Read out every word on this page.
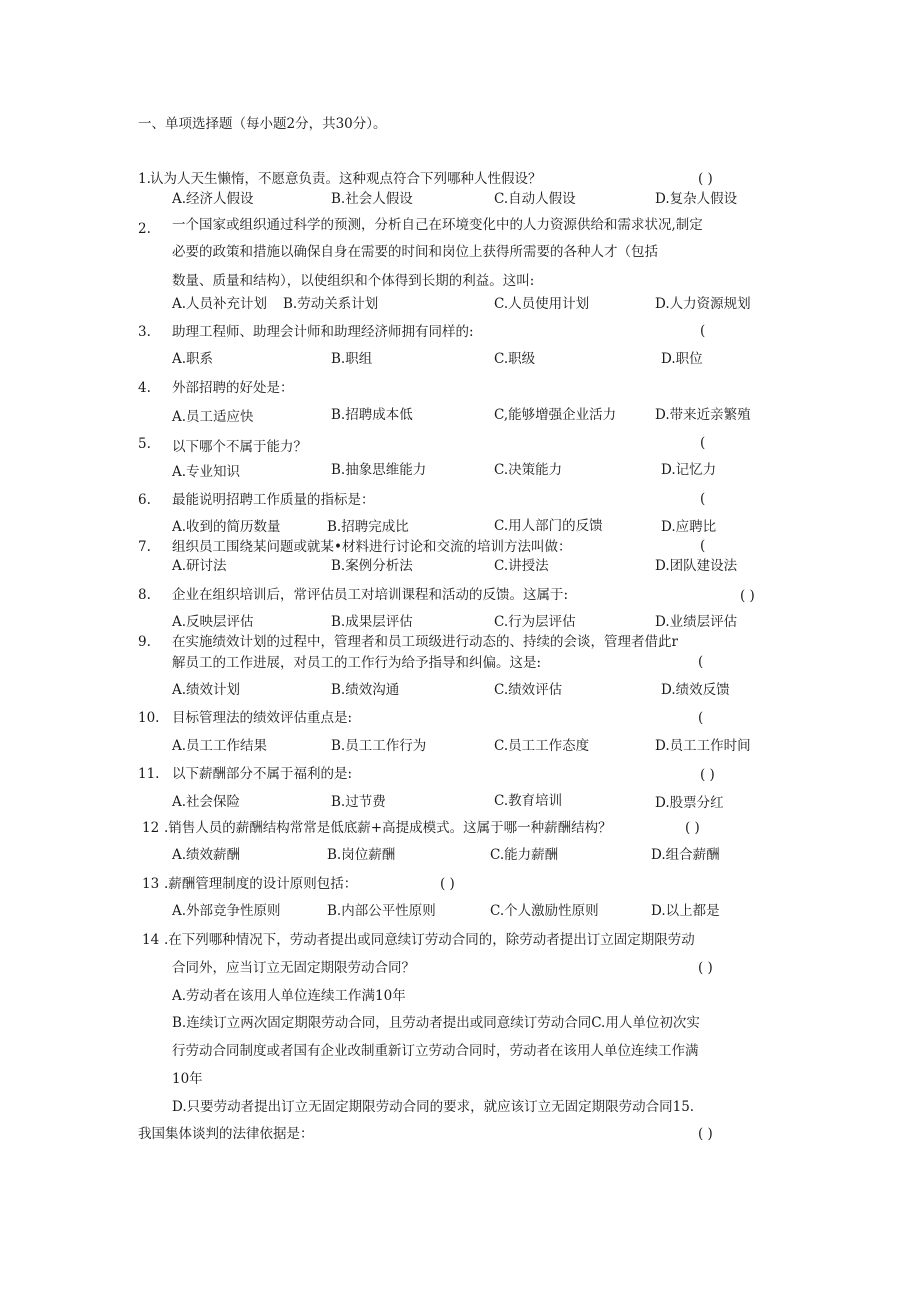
一、单项选择题（每小题2分，共30分）。
1. 认为人天生懒惰，不愿意负责。这种观点符合下列哪种人性假设？	( )
A.经济人假设	B.社会人假设	C.自动人假设	D.复杂人假设
2. 一个国家或组织通过科学的预测，分析自己在环境变化中的人力资源供给和需求状况,制定
必要的政策和措施以确保自身在需要的时间和岗位上获得所需要的各种人才（包括
数量、质量和结构），以使组织和个体得到长期的利益。这叫:
A.人员补充计划 B.劳动关系计划	C.人员使用计划	D.人力资源规划
3. 助理工程师、助理会计师和助理经济师拥有同样的:	(
A.职系	B.职组	C.职级	D.职位
4. 外部招聘的好处是：
A.员工适应快	B.招聘成本低	C,能够增强企业活力	D.带来近亲繁殖
5. 以下哪个不属于能力？	(
A.专业知识	B.抽象思维能力	C.决策能力	D.记忆力
6. 最能说明招聘工作质量的指标是：	(
A.收到的简历数量	B.招聘完成比	C.用人部门的反馈	D.应聘比
7. 组织员工围绕某问题或就某•材料进行讨论和交流的培训方法叫做：	(
A.研讨法	B.案例分析法	C.讲授法	D.团队建设法
8. 企业在组织培训后，常评估员工对培训课程和活动的反馈。这属于:	( )
A.反映层评估	B.成果层评估	C.行为层评估	D.业绩层评估
9. 在实施绩效计划的过程中，管理者和员工顼级进行动态的、持续的会谈，管理者借此r
解员工的工作进展，对员工的工作行为给予指导和纠偏。这是:	(
A.绩效计划	B.绩效沟通	C.绩效评估	D.绩效反馈
10. 目标管理法的绩效评估重点是:	(
A.员工工作结果	B.员工工作行为	C.员工工作态度	D.员工工作时间
11. 以下薪酬部分不属于福利的是:	( )
A.社会保险	B.过节费	C.教育培训	D.股票分红
12 .销售人员的薪酬结构常常是低底薪+高提成模式。这属于哪一种薪酬结构？	( )
A.绩效薪酬	B.岗位薪酬	C.能力薪酬	D.组合薪酬
13 .薪酬管理制度的设计原则包括：	( )
A.外部竞争性原则	B.内部公平性原则	C.个人激励性原则	D.以上都是
14 .在下列哪种情况下，劳动者提出或同意续订劳动合同的，除劳动者提出订立固定期限劳动
合同外，应当订立无固定期限劳动合同？	( )
A.劳动者在该用人单位连续工作满10年
B.连续订立两次固定期限劳动合同，且劳动者提出或同意续订劳动合同C.用人单位初次实
行劳动合同制度或者国有企业改制重新订立劳动合同时，劳动者在该用人单位连续工作满
10年
D.只要劳动者提出订立无固定期限劳动合同的要求，就应该订立无固定期限劳动合同15.
我国集体谈判的法律依据是：	( )
